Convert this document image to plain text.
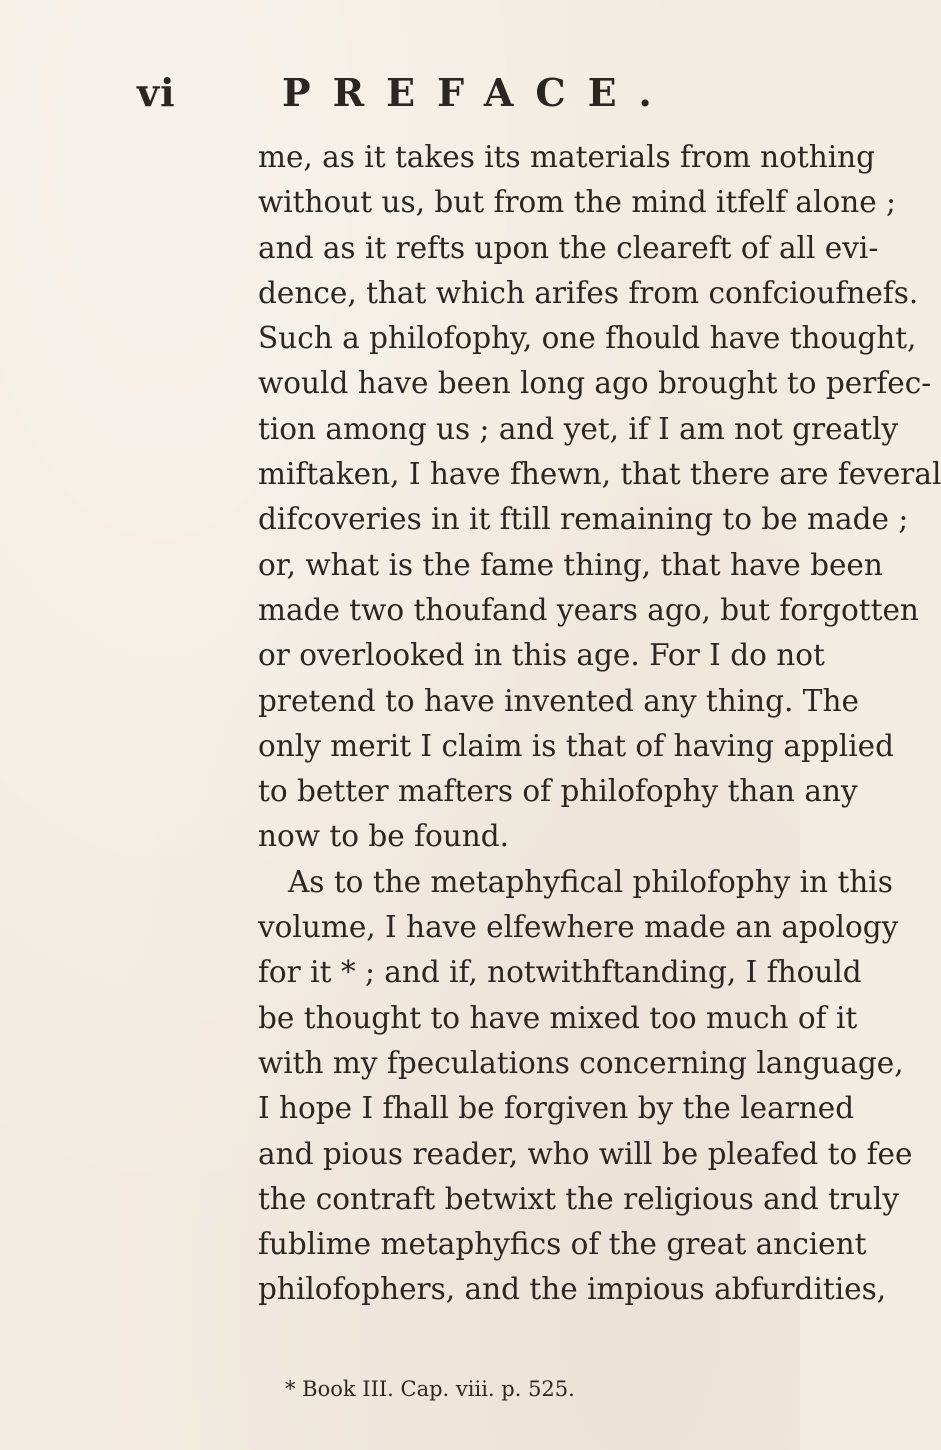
vi	PREFACE.
me, as it takes its materials from nothing
without us, but from the mind itfelf alone ;
and as it refts upon the cleareft of all evi-
dence, that which arifes from confcioufnefs.
Such a philofophy, one fhould have thought,
would have been long ago brought to perfec-
tion among us ; and yet, if I am not greatly
miftaken, I have fhewn, that there are feveral
difcoveries in it ftill remaining to be made ;
or, what is the fame thing, that have been
made two thoufand years ago, but forgotten
or overlooked in this age. For I do not
pretend to have invented any thing. The
only merit I claim is that of having applied
to better mafters of philofophy than any
now to be found.
As to the metaphyfical philofophy in this
volume, I have elfewhere made an apology
for it * ; and if, notwithftanding, I fhould
be thought to have mixed too much of it
with my fpeculations concerning language,
I hope I fhall be forgiven by the learned
and pious reader, who will be pleafed to fee
the contraft betwixt the religious and truly
fublime metaphyfics of the great ancient
philofophers, and the impious abfurdities,
* Book III. Cap. viii. p. 525.
